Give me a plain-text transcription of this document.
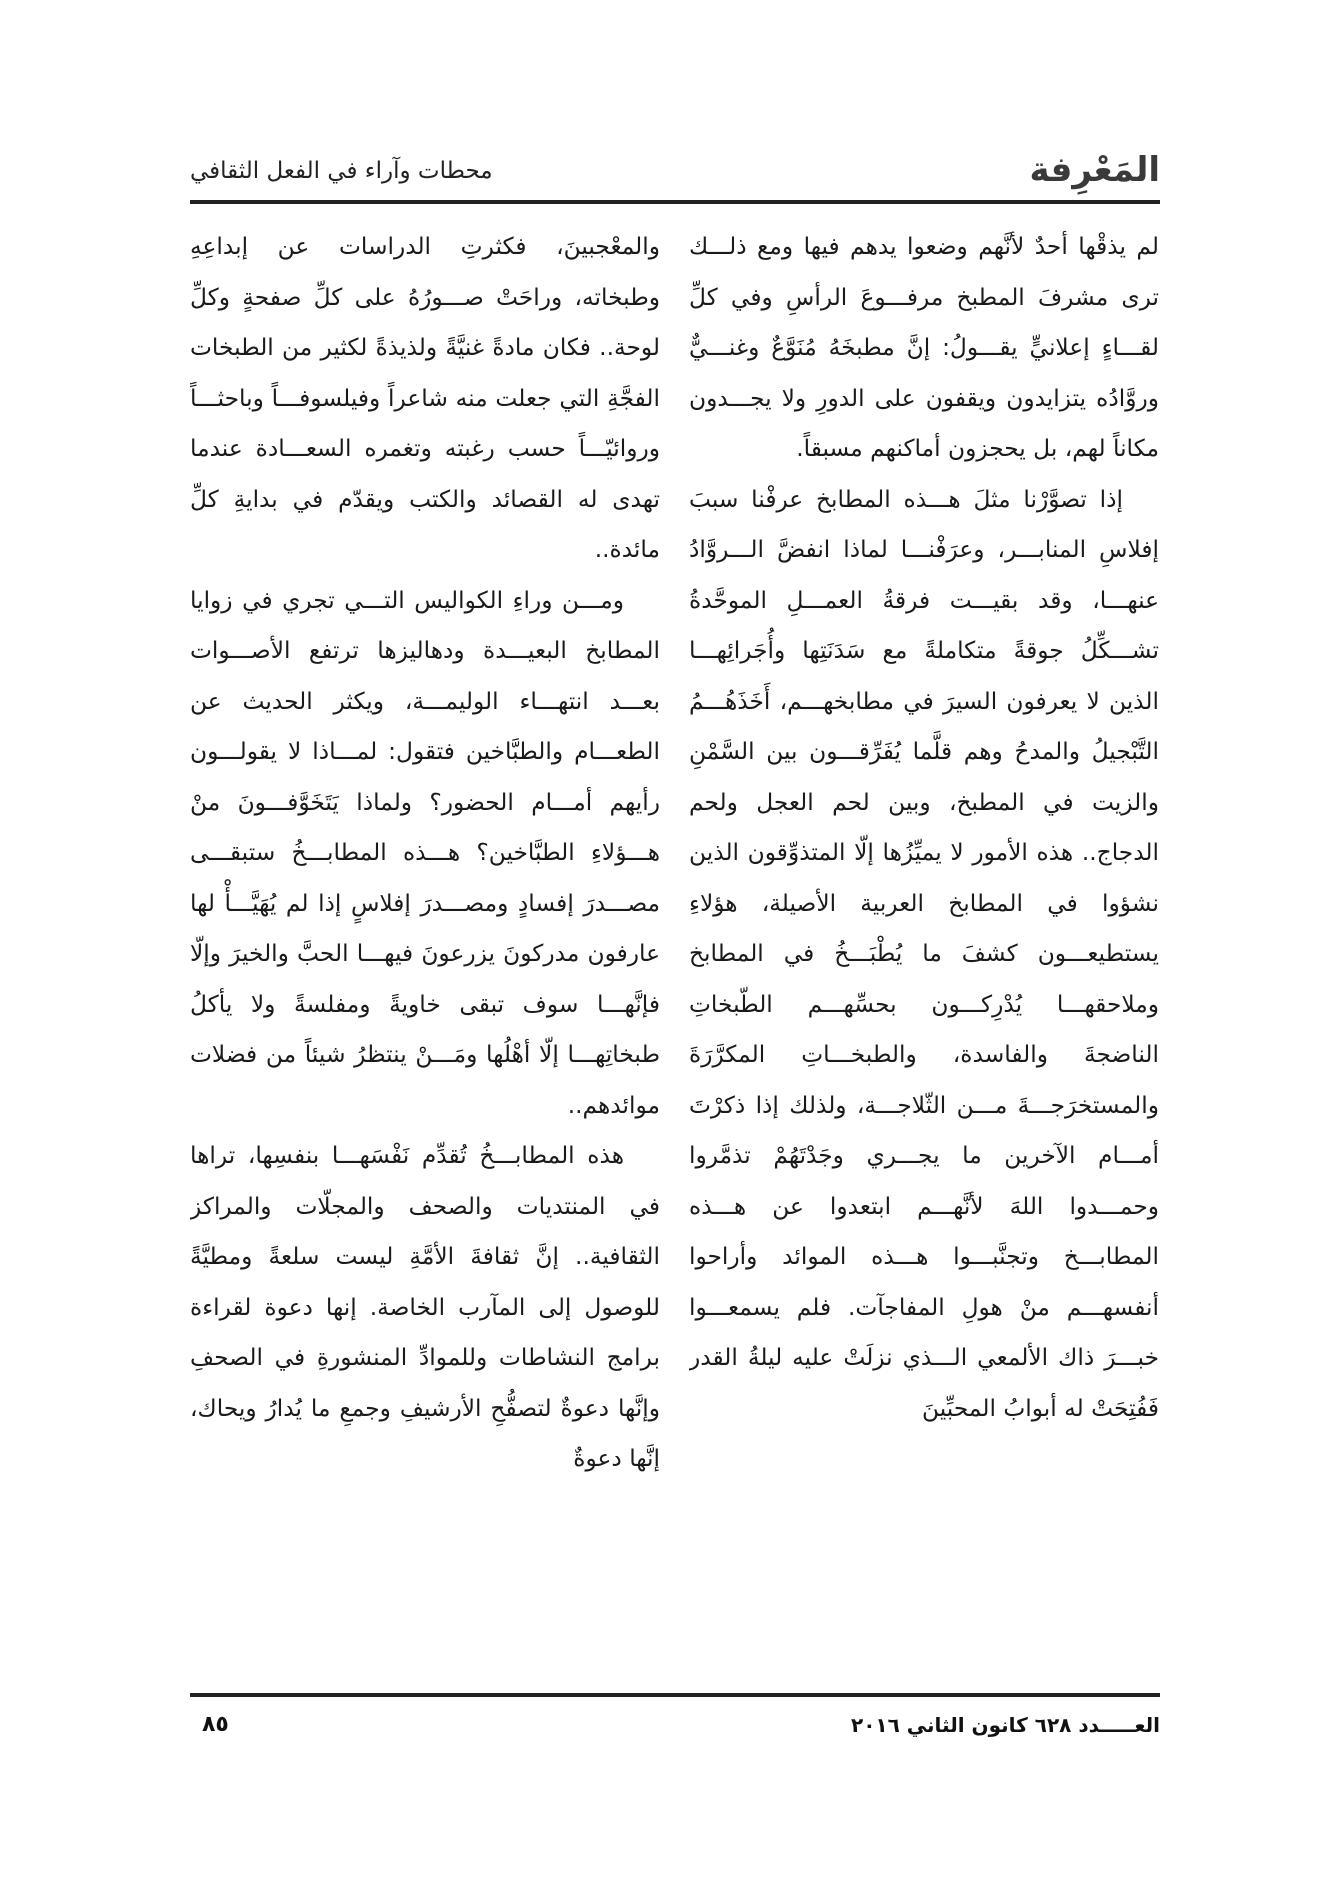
المَعْرِفة
محطات وآراء في الفعل الثقافي

لم يذقْها أحدٌ لأنَّهم وضعوا يدهم فيها ومع ذلـــك ترى مشرفَ المطبخ مرفـــوعَ الرأسِ وفي كلِّ لقـــاءٍ إعلانيٍّ يقـــولُ: إنَّ مطبخَهُ مُنَوَّعٌ وغنـــيٌّ وروَّادُه يتزايدون ويقفون على الدورِ ولا يجـــدون مكاناً لهم، بل يحجزون أماكنهم مسبقاً.

إذا تصوَّرْنا مثلَ هـــذه المطابخ عرفْنا سببَ إفلاسِ المنابـــر، وعرَفْنـــا لماذا انفضَّ الـــروَّادُ عنهـــا، وقد بقيـــت فرقةُ العمـــلِ الموحَّدةُ تشـــكِّلُ جوقةً متكاملةً مع سَدَنَتِها وأُجَرائِهـــا الذين لا يعرفون السيرَ في مطابخهـــم، أَخَذَهُـــمُ التَّبْجيلُ والمدحُ وهم قلَّما يُفَرِّقـــون بين السَّمْنِ والزيت في المطبخ، وبين لحم العجل ولحم الدجاج.. هذه الأمور لا يميِّزُها إلّا المتذوِّقون الذين نشؤوا في المطابخ العربية الأصيلة، هؤلاءِ يستطيعـــون كشفَ ما يُطْبَـــخُ في المطابخ وملاحقهـــا يُدْرِكـــون بحسِّهـــم الطّبخاتِ الناضجةَ والفاسدة، والطبخـــاتِ المكرَّرَةَ والمستخرَجـــةَ مـــن الثّلاجـــة، ولذلك إذا ذكرْتَ أمـــام الآخرين ما يجـــري وجَدْتَهُمْ تذمَّروا وحمـــدوا اللهَ لأنَّهـــم ابتعدوا عن هـــذه المطابـــخ وتجنَّبـــوا هـــذه الموائد وأراحوا أنفسهـــم منْ هولِ المفاجآت. فلم يسمعـــوا خبـــرَ ذاك الألمعي الـــذي نزلَتْ عليه ليلةُ القدر فَفُتِحَتْ له أبوابُ المحبِّينَ

والمعْجبينَ، فكثرتِ الدراسات عن إبداعِهِ وطبخاته، وراحَتْ صـــورُهُ على كلِّ صفحةٍ وكلِّ لوحة.. فكان مادةً غنيَّةً ولذيذةً لكثير من الطبخات الفجَّةِ التي جعلت منه شاعراً وفيلسوفـــاً وباحثـــاً وروائيّـــاً حسب رغبته وتغمره السعـــادة عندما تهدى له القصائد والكتب ويقدّم في بدايةِ كلِّ مائدة..

ومـــن وراءِ الكواليس التـــي تجري في زوايا المطابخ البعيـــدة ودهاليزها ترتفع الأصـــوات بعـــد انتهـــاء الوليمـــة، ويكثر الحديث عن الطعـــام والطبَّاخين فتقول: لمـــاذا لا يقولـــون رأيهم أمـــام الحضور؟ ولماذا يَتَخَوَّفـــونَ منْ هـــؤلاءِ الطبَّاخين؟ هـــذه المطابـــخُ ستبقـــى مصـــدرَ إفسادٍ ومصـــدرَ إفلاسٍ إذا لم يُهَيَّـــأْ لها عارفون مدركونَ يزرعونَ فيهـــا الحبَّ والخيرَ وإلّا فإنَّهـــا سوف تبقى خاويةً ومفلسةً ولا يأكلُ طبخاتِهـــا إلّا أهْلُها ومَـــنْ ينتظرُ شيئاً من فضلات موائدهم..

هذه المطابـــخُ تُقدِّم نَفْسَهـــا بنفسِها، تراها في المنتديات والصحف والمجلّات والمراكز الثقافية.. إنَّ ثقافةَ الأمَّةِ ليست سلعةً ومطيَّةً للوصول إلى المآرب الخاصة. إنها دعوة لقراءة برامج النشاطات وللموادِّ المنشورةِ في الصحفِ وإنَّها دعوةٌ لتصفُّحِ الأرشيفِ وجمعِ ما يُدارُ ويحاك، إنَّها دعوةٌ

العـــــدد ٦٢٨ كانون الثاني ٢٠١٦
٨٥
